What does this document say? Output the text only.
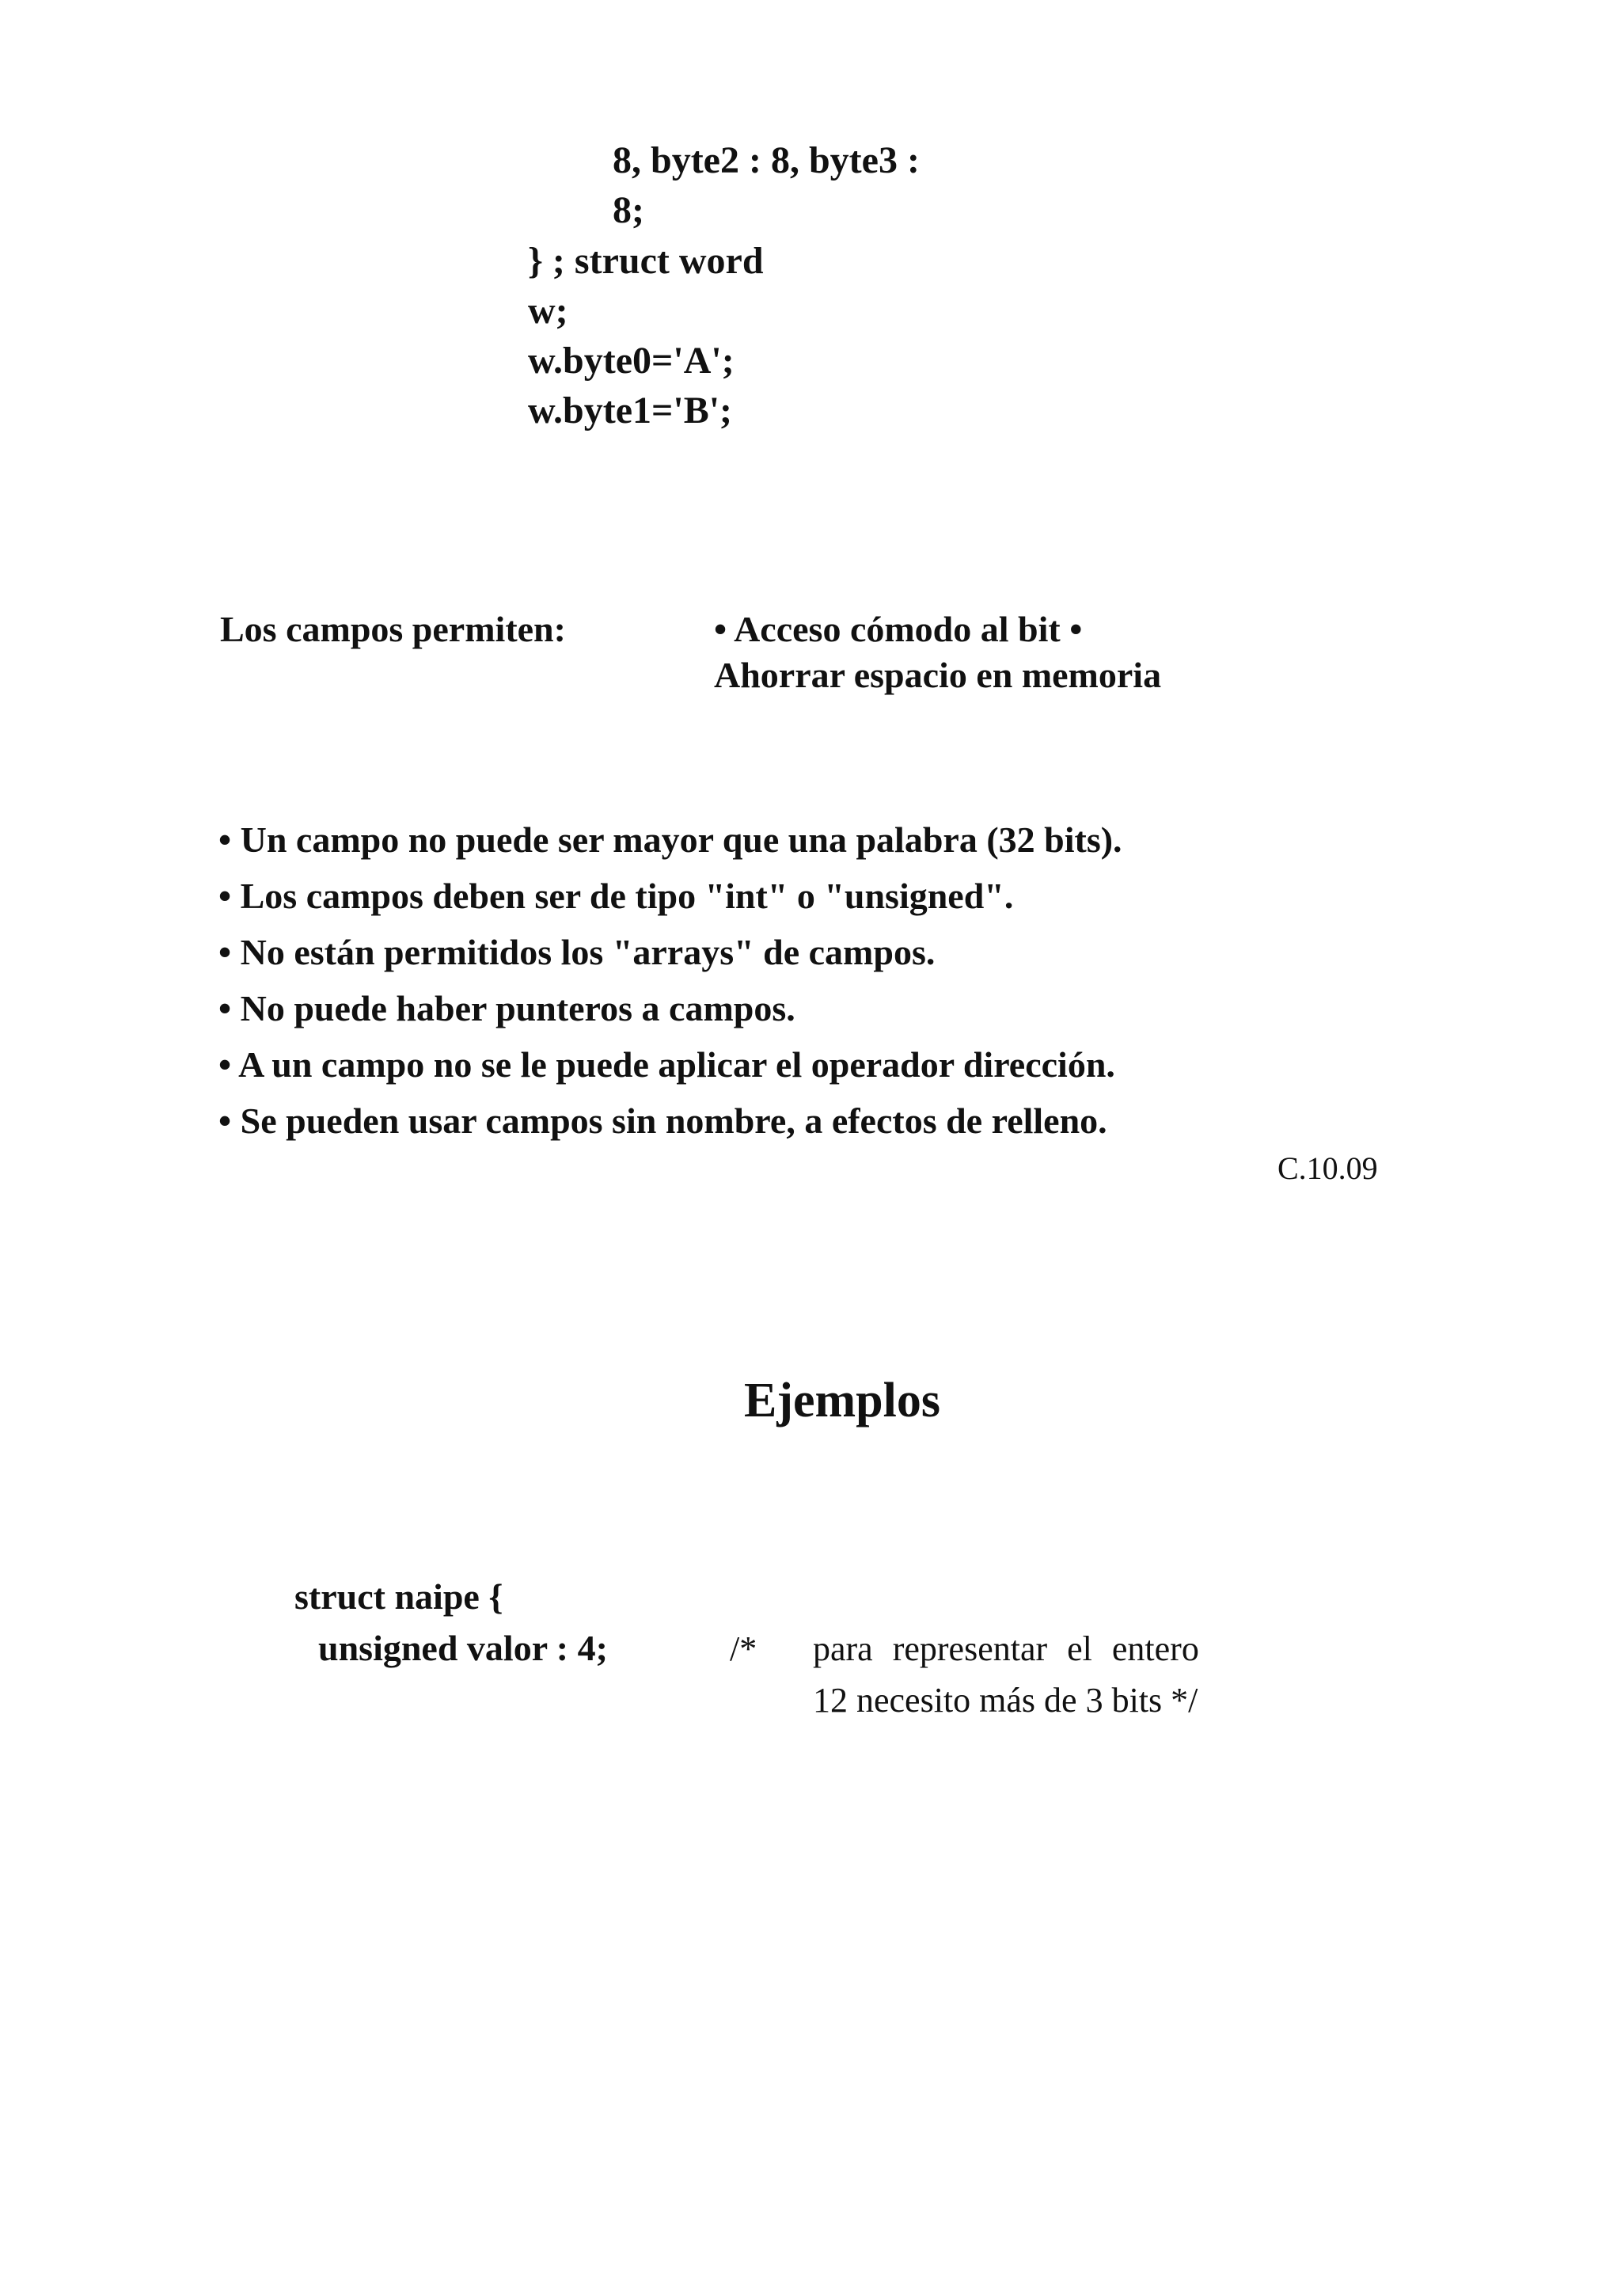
8, byte2 : 8, byte3 :
8;
} ; struct word
w;
w.byte0='A';
w.byte1='B';
Los campos permiten:	• Acceso cómodo al bit •
Ahorrar espacio en memoria
• Un campo no puede ser mayor que una palabra (32 bits).
• Los campos deben ser de tipo "int" o "unsigned".
• No están permitidos los "arrays" de campos.
• No puede haber punteros a campos.
• A un campo no se le puede aplicar el operador dirección.
• Se pueden usar campos sin nombre, a efectos de relleno.
C.10.09
Ejemplos
struct naipe {
unsigned valor : 4;	/* para representar el entero
12 necesito más de 3 bits */
